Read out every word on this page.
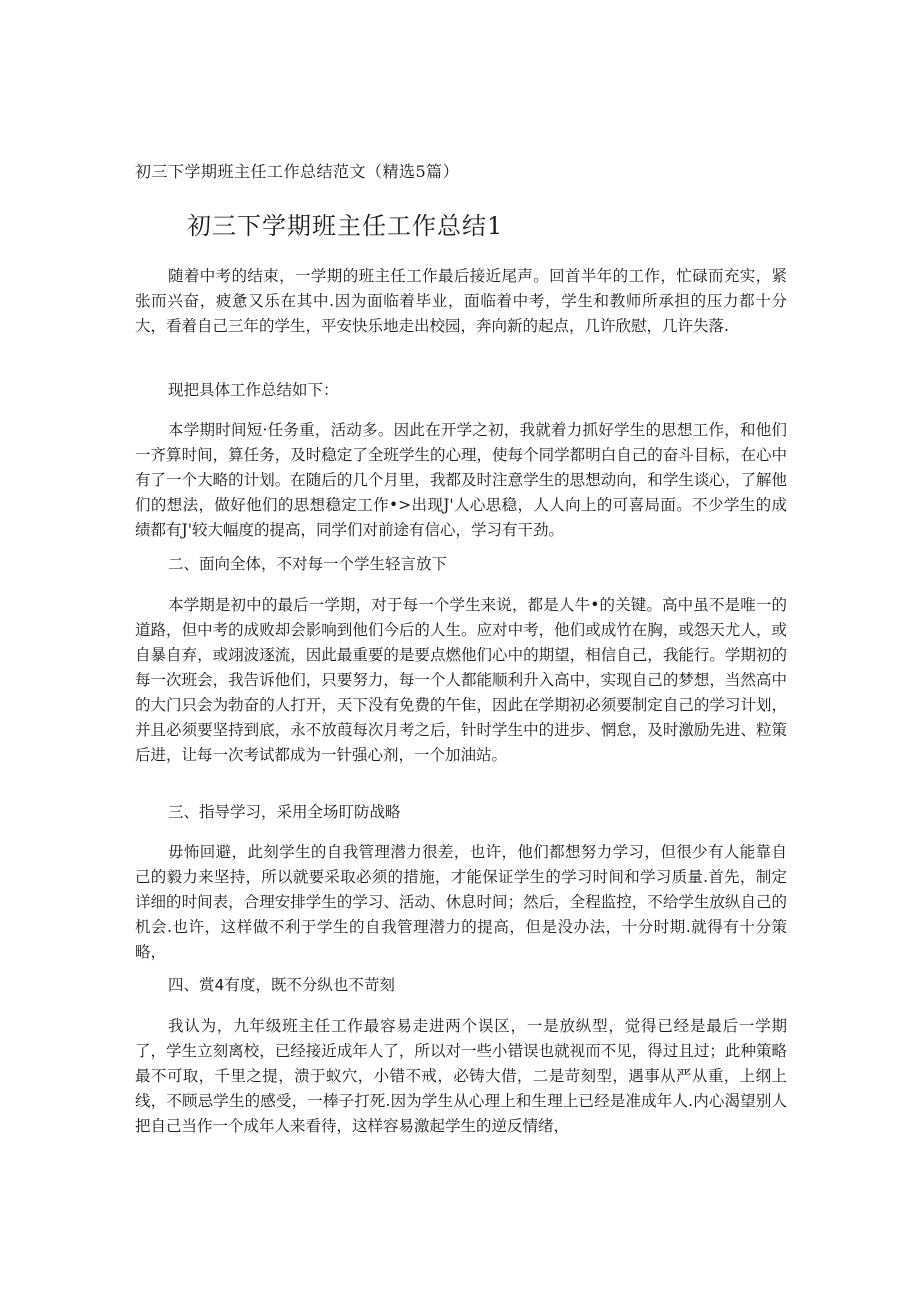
初三下学期班主任工作总结范文（精选5篇）
初三下学期班主任工作总结1

随着中考的结束，一学期的班主任工作最后接近尾声。回首半年的工作，忙碌而充实，紧张而兴奋，疲惫又乐在其中.因为面临着毕业，面临着中考，学生和教师所承担的压力都十分大，看着自己三年的学生，平安快乐地走出校园，奔向新的起点，几许欣慰，几许失落.

现把具体工作总结如下：

本学期时间短·任务重，活动多。因此在开学之初，我就着力抓好学生的思想工作，和他们一齐算时间，算任务，及时稳定了全班学生的心理，使每个同学都明白自己的奋斗目标，在心中有了一个大略的计划。在随后的几个月里，我都及时注意学生的思想动向，和学生谈心，了解他们的想法，做好他们的思想稳定工作•>出现J'人心思稳，人人向上的可喜局面。不少学生的成绩都有J'较大幅度的提高，同学们对前途有信心，学习有干劲。

二、面向全体，不对每一个学生轻言放下

本学期是初中的最后一学期，对于每一个学生来说，都是人牛•的关键。高中虽不是唯一的道路，但中考的成败却会影响到他们今后的人生。应对中考，他们或成竹在胸，或怨天尤人，或自暴自弃，或翊波逐流，因此最重要的是要点燃他们心中的期望，相信自己，我能行。学期初的每一次班会，我告诉他们，只要努力，每一个人都能顺利升入高中，实现自己的梦想，当然高中的大门只会为勃奋的人打开，天下没有免费的午隹，因此在学期初必须要制定自己的学习计划，并且必须要坚持到底，永不放葭每次月考之后，针时学生中的进步、惘怠，及时激励先进、粒策后进，让每一次考试都成为一针强心剂，一个加油站。

三、指导学习，采用全场盯防战略

毋怖回避，此刻学生的自我管理潜力很差，也许，他们都想努力学习，但很少有人能靠自己的毅力来坚持，所以就要采取必须的措施，才能保证学生的学习时间和学习质量.首先，制定详细的时间表，合理安排学生的学习、活动、休息时间；然后，全程监控，不给学生放纵自己的机会.也许，这样做不利于学生的自我管理潜力的提高，但是没办法，十分时期.就得有十分策略，

四、赏4有度，既不分纵也不苛刻

我认为，九年级班主任工作最容易走进两个误区，一是放纵型，觉得已经是最后一学期了，学生立刻离校，已经接近成年人了，所以对一些小错误也就视而不见，得过且过；此种策略最不可取，千里之提，溃于蚁穴，小错不戒，必铸大借，二是苛刻型，遇事从严从重，上纲上线，不顾忌学生的感受，一棒子打死.因为学生从心理上和生理上已经是准成年人.内心渴望别人把自己当作一个成年人来看待，这样容易激起学生的逆反情绪，
